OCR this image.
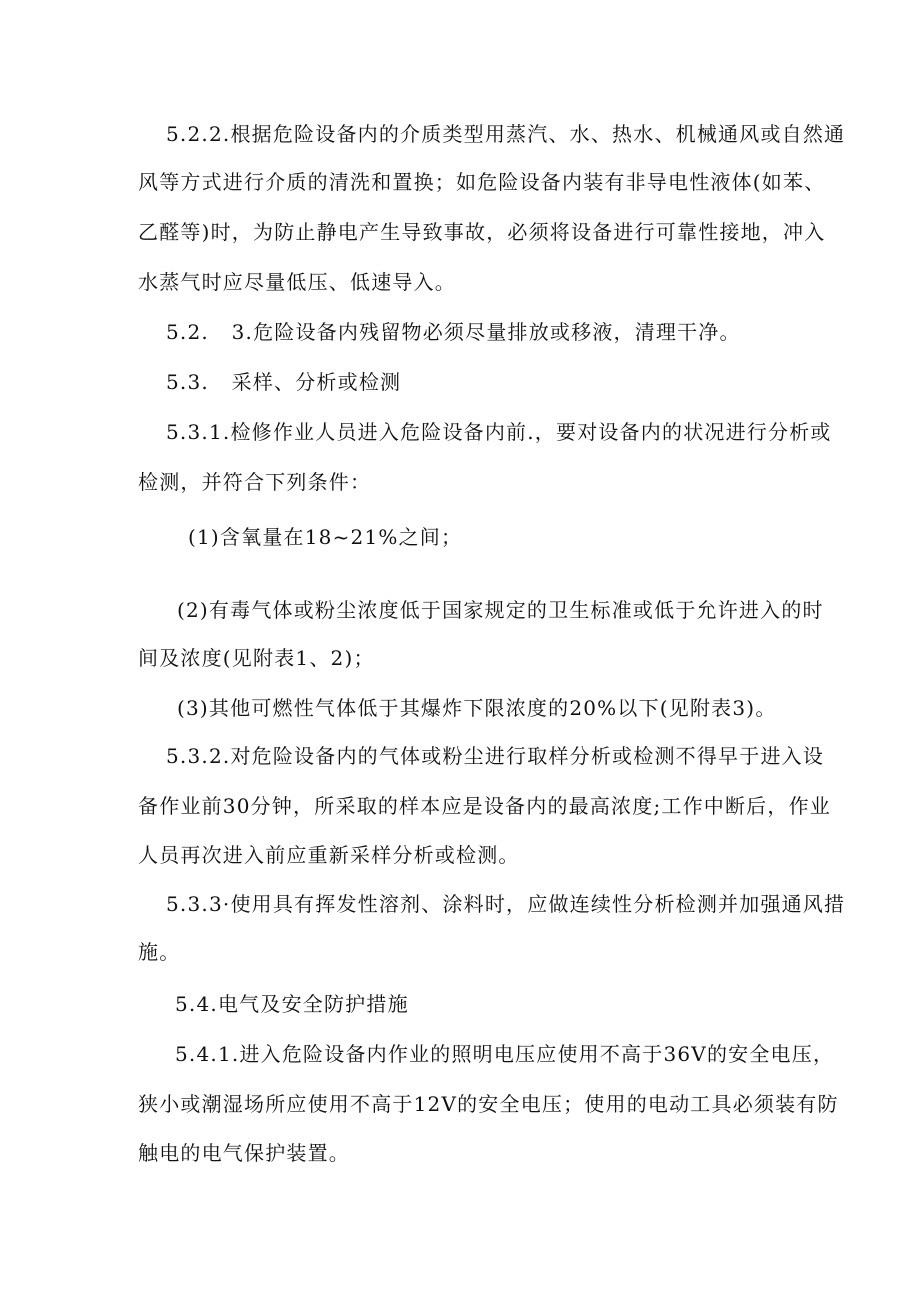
5.2.2.根据危险设备内的介质类型用蒸汽、水、热水、机械通风或自然通
风等方式进行介质的清洗和置换；如危险设备内装有非导电性液体(如苯、
乙醛等)时，为防止静电产生导致事故，必须将设备进行可靠性接地，冲入
水蒸气时应尽量低压、低速导入。
5.2.   3.危险设备内残留物必须尽量排放或移液，清理干净。
5.3.   采样、分析或检测
5.3.1.检修作业人员进入危险设备内前.，要对设备内的状况进行分析或
检测，并符合下列条件：
(1)含氧量在18~21%之间；
(2)有毒气体或粉尘浓度低于国家规定的卫生标准或低于允许进入的时
间及浓度(见附表1、2)；
(3)其他可燃性气体低于其爆炸下限浓度的20%以下(见附表3)。
5.3.2.对危险设备内的气体或粉尘进行取样分析或检测不得早于进入设
备作业前30分钟，所采取的样本应是设备内的最高浓度;工作中断后，作业
人员再次进入前应重新采样分析或检测。
5.3.3·使用具有挥发性溶剂、涂料时，应做连续性分析检测并加强通风措
施。
5.4.电气及安全防护措施
5.4.1.进入危险设备内作业的照明电压应使用不高于36V的安全电压，
狭小或潮湿场所应使用不高于12V的安全电压；使用的电动工具必须装有防
触电的电气保护装置。
